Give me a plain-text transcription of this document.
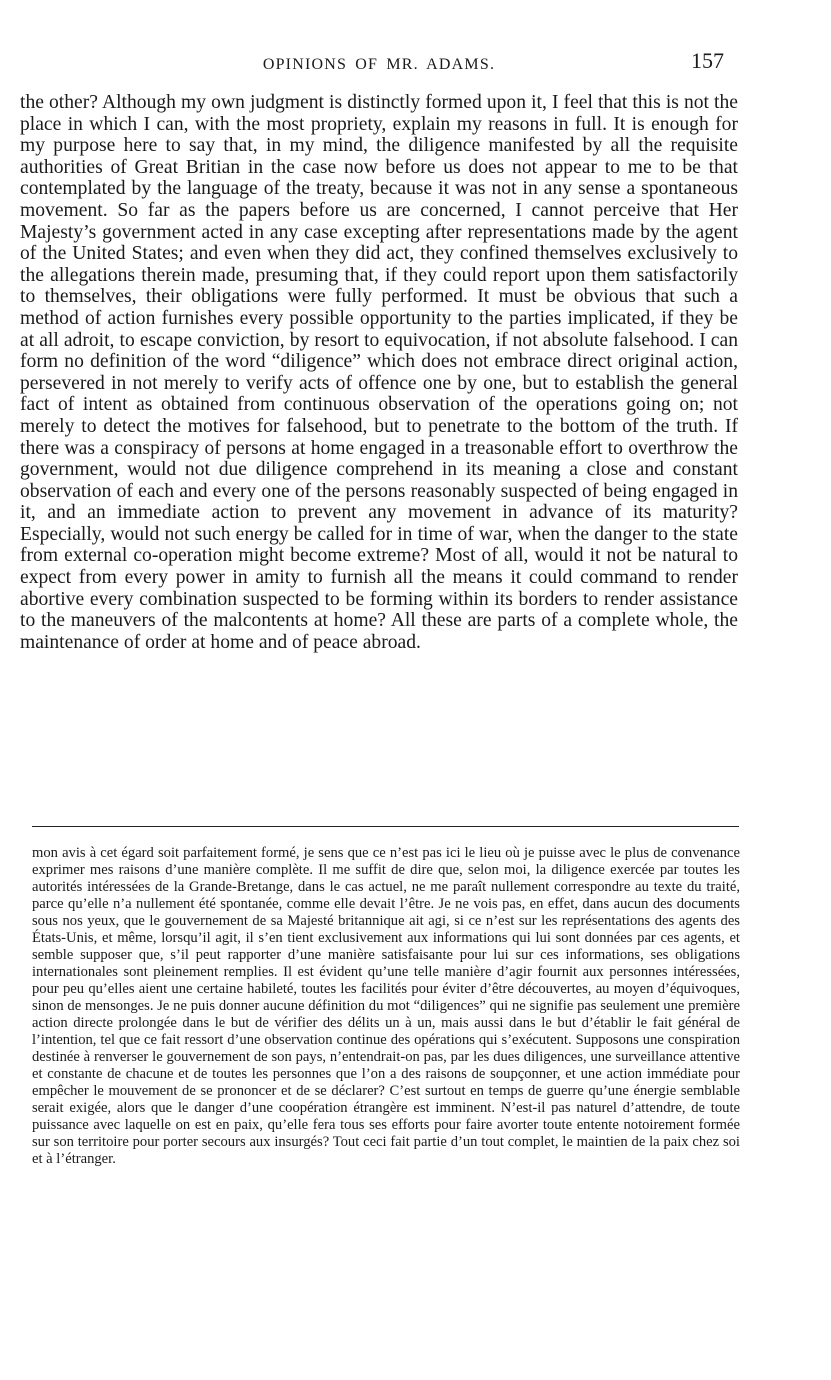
OPINIONS OF MR. ADAMS.	157

the other? Although my own judgment is distinctly formed upon it, I feel that this is not the place in which I can, with the most propriety, explain my reasons in full. It is enough for my purpose here to say that, in my mind, the diligence manifested by all the requisite authorities of Great Britian in the case now before us does not appear to me to be that contemplated by the language of the treaty, because it was not in any sense a spontaneous movement. So far as the papers before us are concerned, I cannot perceive that Her Majesty’s government acted in any case excepting after representations made by the agent of the United States; and even when they did act, they confined themselves exclusively to the allegations therein made, presuming that, if they could report upon them satisfactorily to themselves, their obligations were fully performed. It must be obvious that such a method of action furnishes every possible opportunity to the parties implicated, if they be at all adroit, to escape conviction, by resort to equivocation, if not absolute falsehood. I can form no definition of the word “diligence” which does not embrace direct original action, persevered in not merely to verify acts of offence one by one, but to establish the general fact of intent as obtained from continuous observation of the operations going on; not merely to detect the motives for falsehood, but to penetrate to the bottom of the truth. If there was a conspiracy of persons at home engaged in a treasonable effort to overthrow the government, would not due diligence comprehend in its meaning a close and constant observation of each and every one of the persons reasonably suspected of being engaged in it, and an immediate action to prevent any movement in advance of its maturity? Especially, would not such energy be called for in time of war, when the danger to the state from external co-operation might become extreme? Most of all, would it not be natural to expect from every power in amity to furnish all the means it could command to render abortive every combination suspected to be forming within its borders to render assistance to the maneuvers of the malcontents at home? All these are parts of a complete whole, the maintenance of order at home and of peace abroad.

mon avis à cet égard soit parfaitement formé, je sens que ce n’est pas ici le lieu où je puisse avec le plus de convenance exprimer mes raisons d’une manière complète. Il me suffit de dire que, selon moi, la diligence exercée par toutes les autorités intéressées de la Grande-Bretange, dans le cas actuel, ne me paraît nullement correspondre au texte du traité, parce qu’elle n’a nullement été spontanée, comme elle devait l’être. Je ne vois pas, en effet, dans aucun des documents sous nos yeux, que le gouvernement de sa Majesté britannique ait agi, si ce n’est sur les représentations des agents des États-Unis, et même, lorsqu’il agit, il s’en tient exclusivement aux informations qui lui sont données par ces agents, et semble supposer que, s’il peut rapporter d’une manière satisfaisante pour lui sur ces informations, ses obligations internationales sont pleinement remplies. Il est évident qu’une telle manière d’agir fournit aux personnes intéressées, pour peu qu’elles aient une certaine habileté, toutes les facilités pour éviter d’être découvertes, au moyen d’équivoques, sinon de mensonges. Je ne puis donner aucune définition du mot “diligences” qui ne signifie pas seulement une première action directe prolongée dans le but de vérifier des délits un à un, mais aussi dans le but d’établir le fait général de l’intention, tel que ce fait ressort d’une observation continue des opérations qui s’exécutent. Supposons une conspiration destinée à renverser le gouvernement de son pays, n’entendrait-on pas, par les dues diligences, une surveillance attentive et constante de chacune et de toutes les personnes que l’on a des raisons de soupçonner, et une action immédiate pour empêcher le mouvement de se prononcer et de se déclarer? C’est surtout en temps de guerre qu’une énergie semblable serait exigée, alors que le danger d’une coopération étrangère est imminent. N’est-il pas naturel d’attendre, de toute puissance avec laquelle on est en paix, qu’elle fera tous ses efforts pour faire avorter toute entente notoirement formée sur son territoire pour porter secours aux insurgés? Tout ceci fait partie d’un tout complet, le maintien de la paix chez soi et à l’étranger.
